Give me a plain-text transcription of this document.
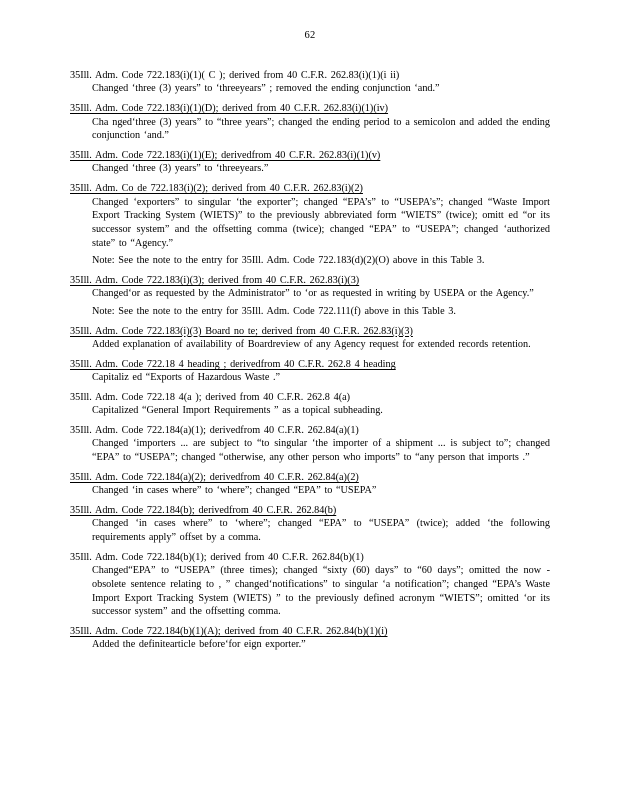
62

35Ill. Adm. Code 722.183(i)(1)( C ); derived from 40 C.F.R. 262.83(i)(1)(i ii)

Changed ‘three (3) years” to ‘threeyears” ; removed the ending conjunction ‘and.”

35Ill. Adm. Code 722.183(i)(1)(D); derived from 40 C.F.R. 262.83(i)(1)(iv)

Cha nged‘three (3) years” to “three years”; changed the ending period to a semicolon and added the ending conjunction ‘and.”

35Ill. Adm. Code 722.183(i)(1)(E); derivedfrom 40 C.F.R. 262.83(i)(1)(v)

Changed ‘three (3) years” to ‘threeyears.”

35Ill. Adm. Co de 722.183(i)(2); derived from 40 C.F.R. 262.83(i)(2)

Changed ‘exporters” to singular ‘the exporter”; changed “EPA’s” to “USEPA’s”; changed “Waste Import Export Tracking System (WIETS)” to the previously abbreviated form “WIETS” (twice); omitt ed “or its successor system” and the offsetting comma (twice); changed “EPA” to “USEPA”; changed ‘authorized state” to “Agency.”

Note: See the note to the entry for 35Ill. Adm. Code 722.183(d)(2)(O) above in this Table 3.

35Ill. Adm. Code 722.183(i)(3); derived from 40 C.F.R. 262.83(i)(3)

Changed‘or as requested by the Administrator” to ‘or as requested in writing by USEPA or the Agency.”

Note: See the note to the entry for 35Ill. Adm. Code 722.111(f) above in this Table 3.

35Ill. Adm. Code 722.183(i)(3) Board no te; derived from 40 C.F.R. 262.83(i)(3)

Added explanation of availability of Boardreview of any Agency request for extended records retention.

35Ill. Adm. Code 722.18 4 heading ; derivedfrom 40 C.F.R. 262.8 4 heading

Capitaliz ed “Exports of Hazardous Waste .”

35Ill. Adm. Code 722.18 4(a ); derived from 40 C.F.R. 262.8 4(a)

Capitalized “General Import Requirements ” as a topical subheading.

35Ill. Adm. Code 722.184(a)(1); derivedfrom 40 C.F.R. 262.84(a)(1)

Changed ‘importers ... are subject to “to singular ‘the importer of a shipment ... is subject to”; changed “EPA” to “USEPA”; changed “otherwise, any other person who imports” to “any person that imports .”

35Ill. Adm. Code 722.184(a)(2); derivedfrom 40 C.F.R. 262.84(a)(2)

Changed ‘in cases where” to ‘where”; changed “EPA” to “USEPA”

35Ill. Adm. Code 722.184(b); derivedfrom 40 C.F.R. 262.84(b)

Changed ‘in cases where” to ‘where”; changed “EPA” to “USEPA” (twice); added ‘the following requirements apply” offset by a comma.

35Ill. Adm. Code 722.184(b)(1); derived from 40 C.F.R. 262.84(b)(1)

Changed“EPA” to “USEPA” (three times); changed “sixty (60) days” to “60 days”; omitted the now -obsolete sentence relating to , ” changed‘notifications” to singular ‘a notification”; changed “EPA’s Waste Import Export Tracking System (WIETS) ” to the previously defined acronym “WIETS”; omitted ‘or its successor system” and the offsetting comma.

35Ill. Adm. Code 722.184(b)(1)(A); derived from 40 C.F.R. 262.84(b)(1)(i)

Added the definitearticle before‘for eign exporter.”
